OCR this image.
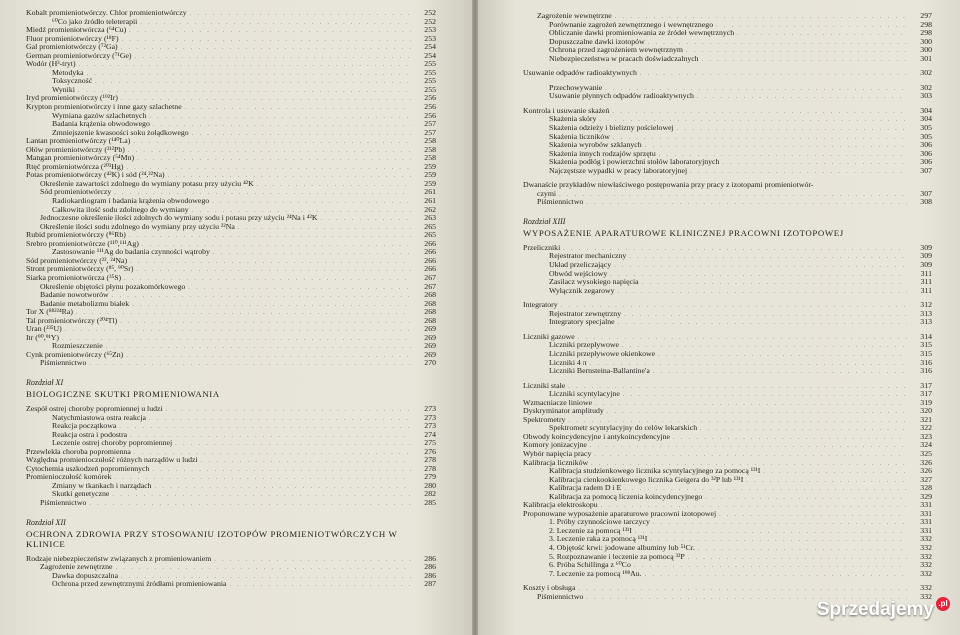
Kobalt promieniotwórczy. Chlor promieniotwórczy . . .	252
⁶⁰Co jako źródło teleterapii . . .	252
Miedź promieniotwórcza (⁶⁴Cu) . . .	253
Fluor promieniotwórczy (¹⁸F) . . .	253
Gal promieniotwórczy (⁷²Ga) . . .	254
German promieniotwórczy (⁷¹Ge) . . .	254
Wodór (H³-tryt) . . .	255
Metodyka . . .	255
Toksyczność . . .	255
Wyniki . . .	255
Iryd promieniotwórczy (¹⁹²Ir) . . .	256
Krypton promieniotwórczy i inne gazy szlachetne . . .	256
Wymiana gazów szlachetnych . . .	256
Badania krążenia obwodowego . . .	257
Zmniejszenie kwasoości soku żołądkowego . . .	257
Lantan promieniotwórczy (¹⁴⁰La) . . .	258
Ołów promieniotwórczy (²¹²Pb) . . .	258
Mangan promieniotwórczy (⁵⁴Mn) . . .	258
Rtęć promieniotwórcza (²⁰³Hg) . . .	259
Potas promieniotwórczy (⁴²K) i sód (²⁴,²²Na) . . .	259
Określenie zawartości zdolnego do wymiany potasu przy użyciu ⁴²K . . .	259
Sód promieniotwórczy . . .	261
Radiokardiogram i badania krążenia obwodowego . . .	261
Całkowita ilość sodu zdolnego do wymiany . . .	262
Jednoczesne określenie ilości zdolnych do wymiany sodu i potasu przy użyciu ²⁴Na i ⁴²K . . .	263
Określenie ilości sodu zdolnego do wymiany przy użyciu ²²Na . . .	265
Rubid promieniotwórczy (⁸⁶Rb) . . .	265
Srebro promieniotwórcze (¹¹⁰,¹¹¹Ag) . . .	266
Zastosowanie ¹¹¹Ag do badania czynności wątroby . . .	266
Sód promieniotwórczy (²², ²⁴Na) . . .	266
Stront promieniotwórczy (⁸⁵, ⁹⁰Sr) . . .	266
Siarka promieniotwórcza (³⁵S) . . .	267
Określenie objętości płynu pozakomórkowego . . .	267
Badanie nowotworów . . .	268
Badanie metabolizmu białek . . .	268
Tor X (⁸⁸²²⁴Ra) . . .	268
Tal promieniotwórczy (²⁰⁴Tl) . . .	268
Uran (²³⁵U) . . .	269
Itr (⁹⁰,⁹¹Y) . . .	269
Rozmieszczenie . . .	269
Cynk promieniotwórczy (⁶⁵Zn) . . .	269
Piśmiennictwo . . .	270
Rozdział XI
BIOLOGICZNE SKUTKI PROMIENIOWANIA
Zespół ostrej choroby popromiennej u ludzi . . .	273
Natychmiastowa ostra reakcja . . .	273
Reakcja początkowa . . .	273
Reakcja ostra i podostra . . .	274
Leczenie ostrej choroby popromiennej . . .	275
Przewlekła choroba popromienna . . .	276
Względna promienioczułość różnych narządów u ludzi . . .	278
Cytochemia uszkodzeń popromiennych . . .	278
Promienioczułość komórek . . .	279
Zmiany w tkankach i narządach . . .	280
Skutki genetyczne . . .	282
Piśmiennictwo . . .	285
Rozdział XII
OCHRONA ZDROWIA PRZY STOSOWANIU IZOTOPÓW PROMIENIOTWÓRCZYCH W KLINICE
Rodzaje niebezpieczeństw związanych z promieniowaniem . . .	286
Zagrożenie zewnętrzne . . .	286
Dawka dopuszczalna . . .	286
Ochrona przed zewnętrznymi źródłami promieniowania . . .	287
Zagrożenie wewnętrzne . . .	297
Porównanie zagrożeń zewnętrznego i wewnętrznego . . .	298
Obliczanie dawki promieniowania ze źródeł wewnętrznych . . .	298
Dopuszczalne dawki izotopów . . .	300
Ochrona przed zagrożeniem wewnętrznym . . .	300
Niebezpieczeństwa w pracach doświadczalnych . . .	301
Usuwanie odpadów radioaktywnych . . .	302
Przechowywanie . . .	302
Usuwanie płynnych odpadów radioaktywnych . . .	303
Kontrola i usuwanie skażeń . . .	304
Skażenia skóry . . .	304
Skażenia odzieży i bielizny pościelowej . . .	305
Skażenia liczników . . .	305
Skażenia wyrobów szklanych . . .	306
Skażenia innych rodzajów sprzętu . . .	306
Skażenia podłóg i powierzchni stołów laboratoryjnych . . .	306
Najczęstsze wypadki w pracy laboratoryjnej . . .	307
Dwanaście przykładów niewłaściwego postępowania przy pracy z izotopami promieniotwór-
czymi . . .	307
Piśmiennictwo . . .	308
Rozdział XIII
WYPOSAŻENIE APARATUROWE KLINICZNEJ PRACOWNI IZOTOPOWEJ
Przeliczniki . . .	309
Rejestrator mechaniczny . . .	309
Układ przeliczający . . .	309
Obwód wejściowy . . .	311
Zasilacz wysokiego napięcia . . .	311
Wyłącznik zegarowy . . .	311
Integratory . . .	312
Rejestrator zewnętrzny . . .	313
Integratory specjalne . . .	313
Liczniki gazowe . . .	314
Liczniki przepływowe . . .	315
Liczniki przepływowe okienkowe . . .	315
Liczniki 4 π . . .	316
Liczniki Bernsteina-Ballantine'a . . .	316
Liczniki stałe . . .	317
Liczniki scyntylacyjne . . .	317
Wzmacniacze liniowe . . .	319
Dyskryminator amplitudy . . .	320
Spektrometry . . .	321
Spektrometr scyntylacyjny do celów lekarskich . . .	322
Obwody koincydencyjne i antykoincydencyjne . . .	323
Komory jonizacyjne . . .	324
Wybór napięcia pracy . . .	325
Kalibracja liczników . . .	326
Kalibracja studzienkowego licznika scyntylacyjnego za pomocą ¹³¹I . . .	326
Kalibracja cienkookienkowego licznika Geigera do ³²P lub ¹³¹I . . .	327
Kalibracja radem D i E . . .	328
Kalibracja za pomocą liczenia koincydencyjnego . . .	329
Kalibracja elektroskopu . . .	331
Proponowane wyposażenie aparaturowe pracowni izotopowej . . .	331
1. Próby czynnościowe tarczycy . . .	331
2. Leczenie za pomocą ¹³¹I . . .	331
3. Leczenie raka za pomocą ¹³¹I . . .	332
4. Objętość krwi: jodowane albuminy lub ⁵¹Cr. . . .	332
5. Rozpoznawanie i leczenie za pomocą ³²P . . .	332
6. Próba Schillinga z ⁶⁰Co . . .	332
7. Leczenie za pomocą ¹⁹⁸Au. . . .	332
Koszty i obsługa . . .	332
Piśmiennictwo . . .	332
Sprzedajemy .pl
